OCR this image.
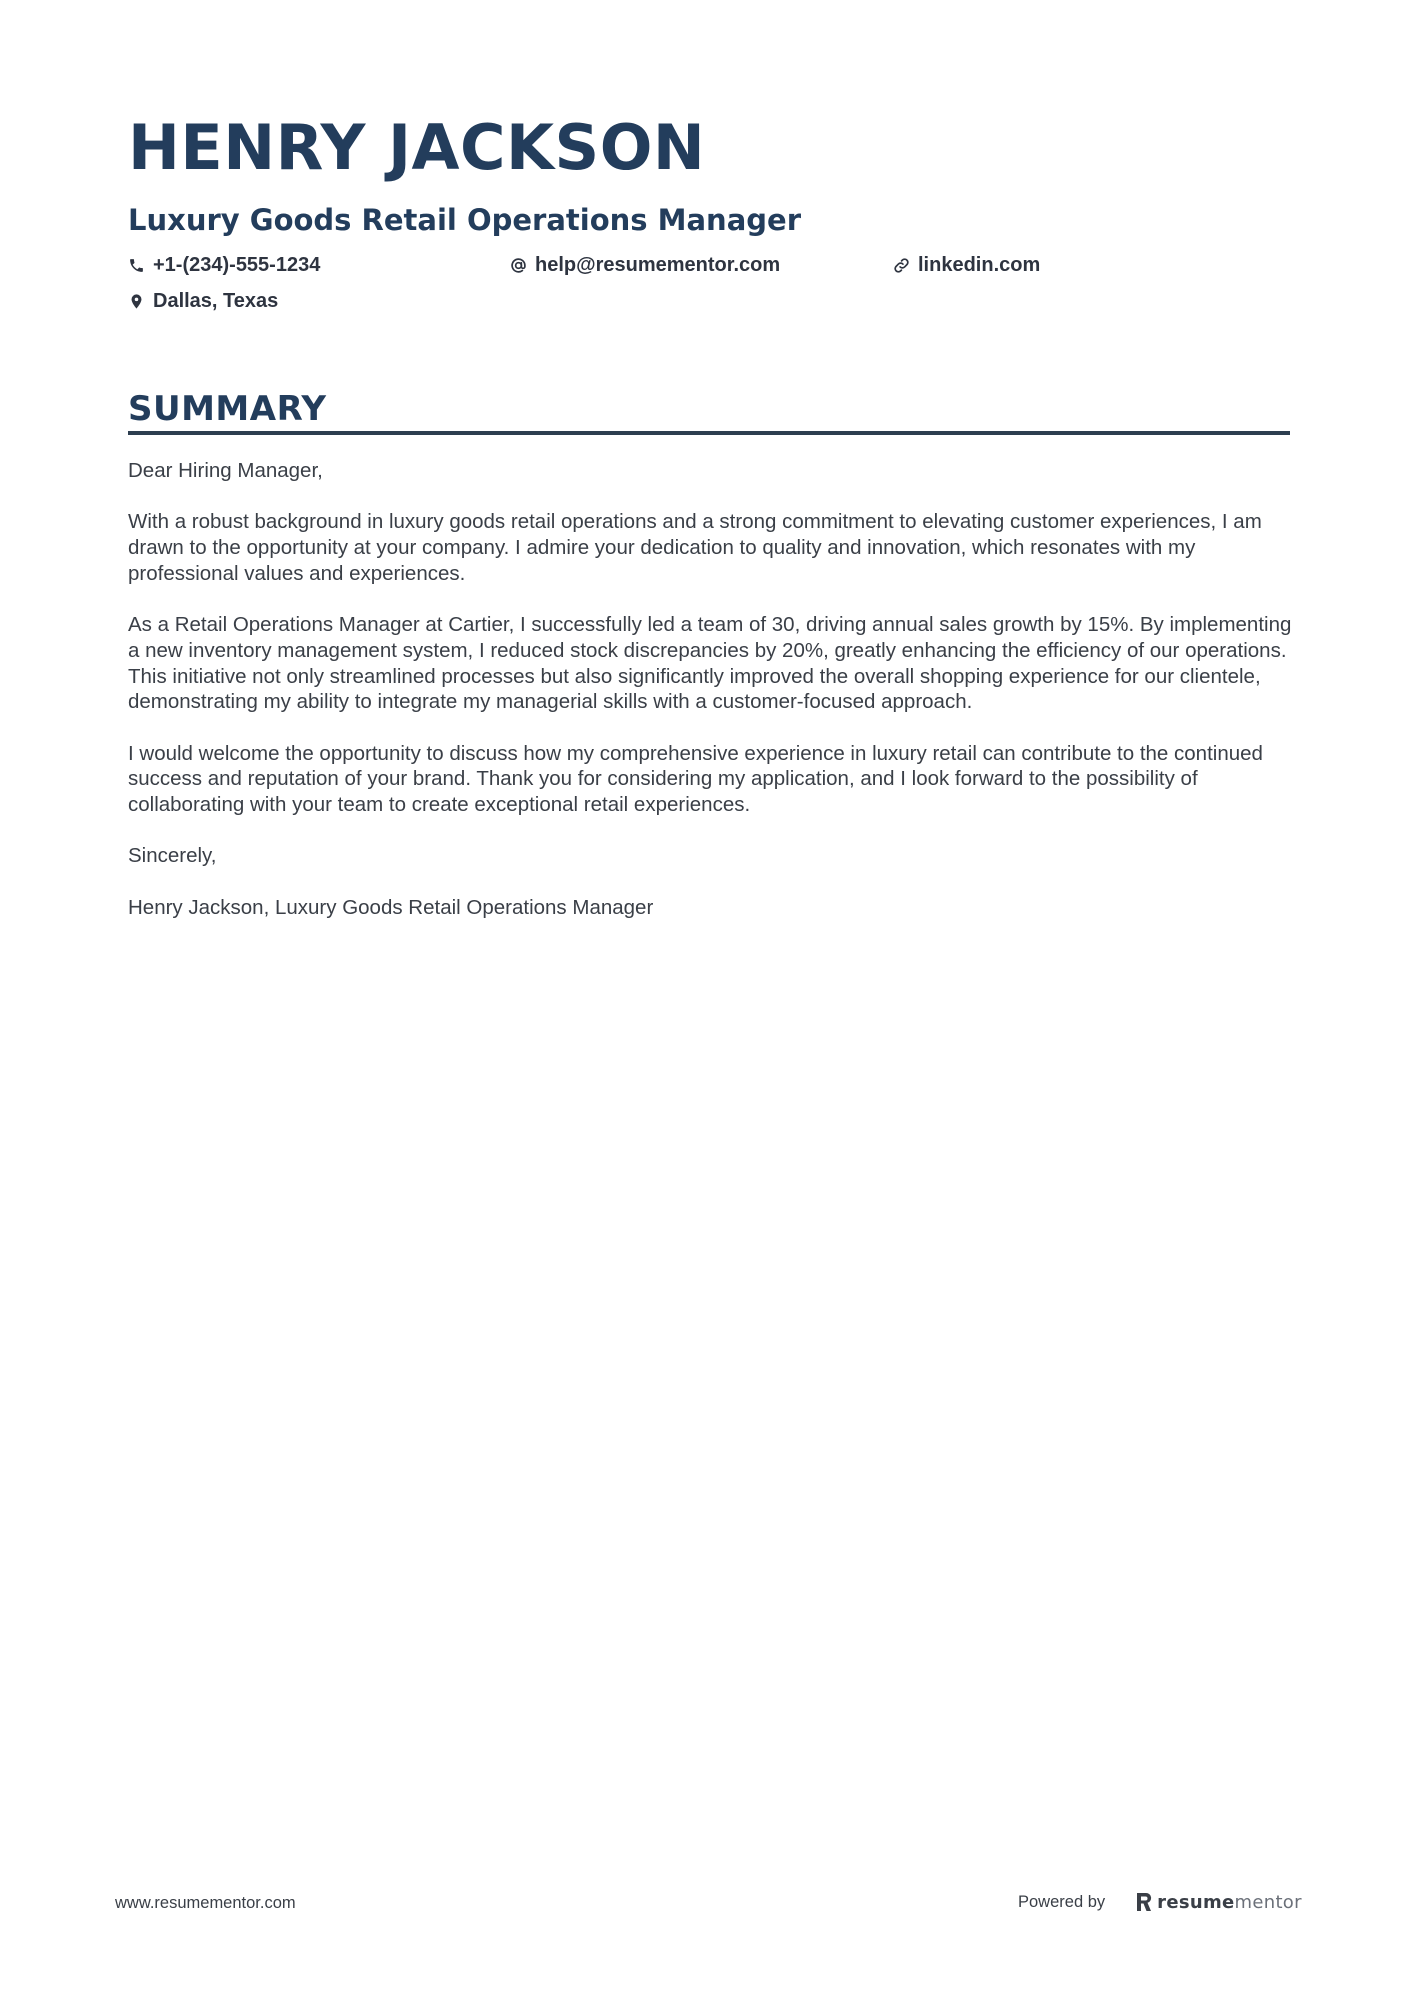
HENRY JACKSON
Luxury Goods Retail Operations Manager
+1-(234)-555-1234	help@resumementor.com	linkedin.com
Dallas, Texas
SUMMARY

Dear Hiring Manager,

With a robust background in luxury goods retail operations and a strong commitment to elevating customer experiences, I am drawn to the opportunity at your company. I admire your dedication to quality and innovation, which resonates with my professional values and experiences.

As a Retail Operations Manager at Cartier, I successfully led a team of 30, driving annual sales growth by 15%. By implementing a new inventory management system, I reduced stock discrepancies by 20%, greatly enhancing the efficiency of our operations. This initiative not only streamlined processes but also significantly improved the overall shopping experience for our clientele, demonstrating my ability to integrate my managerial skills with a customer-focused approach.

I would welcome the opportunity to discuss how my comprehensive experience in luxury retail can contribute to the continued success and reputation of your brand. Thank you for considering my application, and I look forward to the possibility of collaborating with your team to create exceptional retail experiences.

Sincerely,

Henry Jackson, Luxury Goods Retail Operations Manager

www.resumementor.com	Powered by	resumementor
